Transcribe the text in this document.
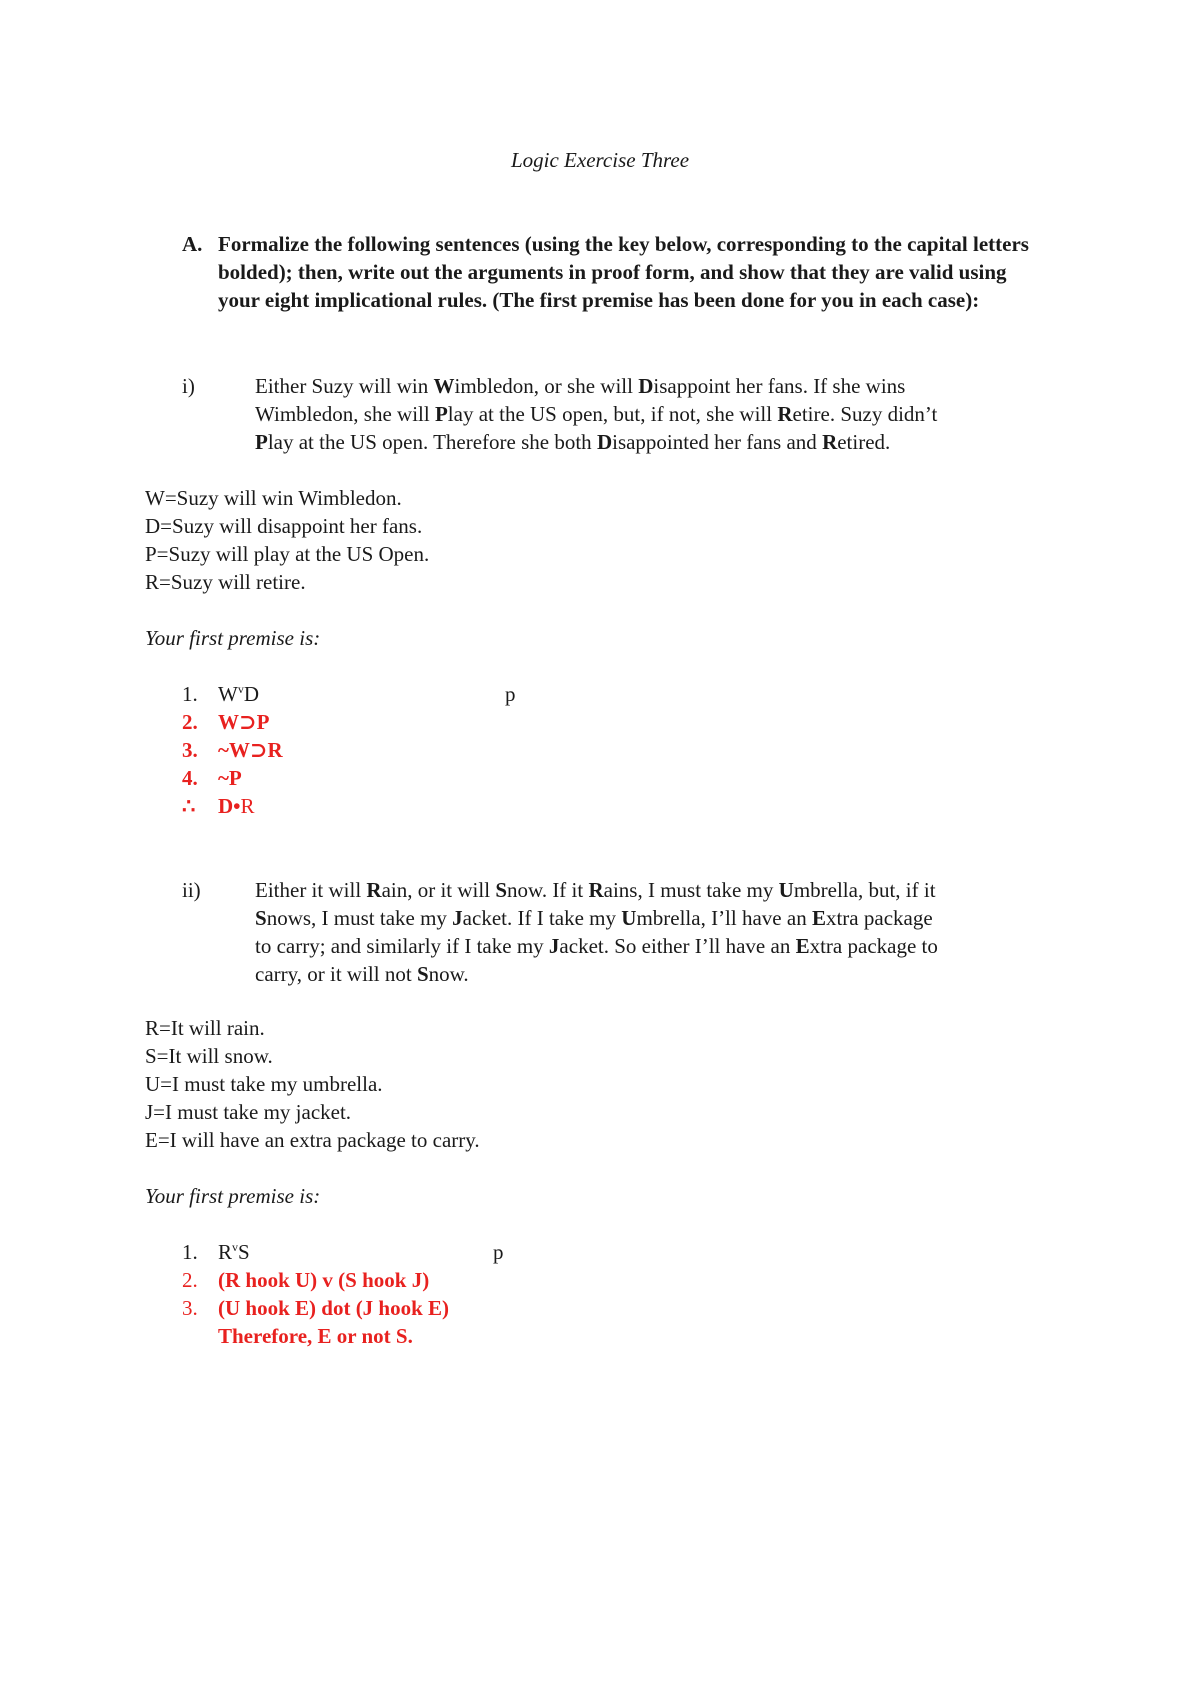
Logic Exercise Three
A. Formalize the following sentences (using the key below, corresponding to the capital letters bolded); then, write out the arguments in proof form, and show that they are valid using your eight implicational rules. (The first premise has been done for you in each case):
i)	Either Suzy will win Wimbledon, or she will Disappoint her fans. If she wins
Wimbledon, she will Play at the US open, but, if not, she will Retire. Suzy didn’t
Play at the US open. Therefore she both Disappointed her fans and Retired.
W=Suzy will win Wimbledon.
D=Suzy will disappoint her fans.
P=Suzy will play at the US Open.
R=Suzy will retire.
Your first premise is:
1. $W^vD$	p
2. W⊃P
3. ~W⊃R
4. ~P
∴	D•R
ii)	Either it will Rain, or it will Snow. If it Rains, I must take my Umbrella, but, if it
Snows, I must take my Jacket. If I take my Umbrella, I’ll have an Extra package
to carry; and similarly if I take my Jacket. So either I’ll have an Extra package to
carry, or it will not Snow.
R=It will rain.
S=It will snow.
U=I must take my umbrella.
J=I must take my jacket.
E=I will have an extra package to carry.
Your first premise is:
1. $R^vS$	p
2. (R hook U) v (S hook J)
3. (U hook E) dot (J hook E)
Therefore, E or not S.
